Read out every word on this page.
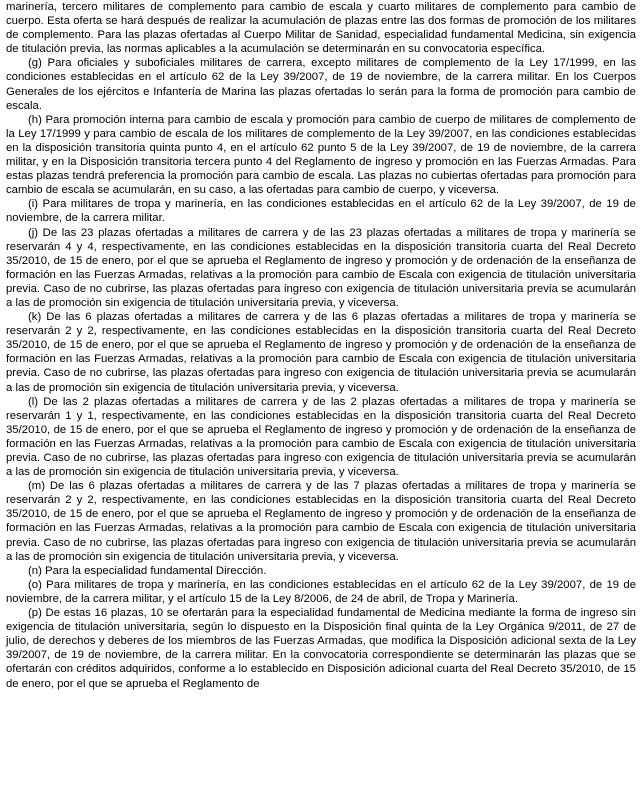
marinería, tercero militares de complemento para cambio de escala y cuarto militares de complemento para cambio de cuerpo. Esta oferta se hará después de realizar la acumulación de plazas entre las dos formas de promoción de los militares de complemento. Para las plazas ofertadas al Cuerpo Militar de Sanidad, especialidad fundamental Medicina, sin exigencia de titulación previa, las normas aplicables a la acumulación se determinarán en su convocatoria específica.

(g) Para oficiales y suboficiales militares de carrera, excepto militares de complemento de la Ley 17/1999, en las condiciones establecidas en el artículo 62 de la Ley 39/2007, de 19 de noviembre, de la carrera militar. En los Cuerpos Generales de los ejércitos e Infantería de Marina las plazas ofertadas lo serán para la forma de promoción para cambio de escala.

(h) Para promoción interna para cambio de escala y promoción para cambio de cuerpo de militares de complemento de la Ley 17/1999 y para cambio de escala de los militares de complemento de la Ley 39/2007, en las condiciones establecidas en la disposición transitoria quinta punto 4, en el artículo 62 punto 5 de la Ley 39/2007, de 19 de noviembre, de la carrera militar, y en la Disposición transitoria tercera punto 4 del Reglamento de ingreso y promoción en las Fuerzas Armadas. Para estas plazas tendrá preferencia la promoción para cambio de escala. Las plazas no cubiertas ofertadas para promoción para cambio de escala se acumularán, en su caso, a las ofertadas para cambio de cuerpo, y viceversa.

(i) Para militares de tropa y marinería, en las condiciones establecidas en el artículo 62 de la Ley 39/2007, de 19 de noviembre, de la carrera militar.

(j) De las 23 plazas ofertadas a militares de carrera y de las 23 plazas ofertadas a militares de tropa y marinería se reservarán 4 y 4, respectivamente, en las condiciones establecidas en la disposición transitoria cuarta del Real Decreto 35/2010, de 15 de enero, por el que se aprueba el Reglamento de ingreso y promoción y de ordenación de la enseñanza de formación en las Fuerzas Armadas, relativas a la promoción para cambio de Escala con exigencia de titulación universitaria previa. Caso de no cubrirse, las plazas ofertadas para ingreso con exigencia de titulación universitaria previa se acumularán a las de promoción sin exigencia de titulación universitaria previa, y viceversa.

(k) De las 6 plazas ofertadas a militares de carrera y de las 6 plazas ofertadas a militares de tropa y marinería se reservarán 2 y 2, respectivamente, en las condiciones establecidas en la disposición transitoria cuarta del Real Decreto 35/2010, de 15 de enero, por el que se aprueba el Reglamento de ingreso y promoción y de ordenación de la enseñanza de formación en las Fuerzas Armadas, relativas a la promoción para cambio de Escala con exigencia de titulación universitaria previa. Caso de no cubrirse, las plazas ofertadas para ingreso con exigencia de titulación universitaria previa se acumularán a las de promoción sin exigencia de titulación universitaria previa, y viceversa.

(l) De las 2 plazas ofertadas a militares de carrera y de las 2 plazas ofertadas a militares de tropa y marinería se reservarán 1 y 1, respectivamente, en las condiciones establecidas en la disposición transitoria cuarta del Real Decreto 35/2010, de 15 de enero, por el que se aprueba el Reglamento de ingreso y promoción y de ordenación de la enseñanza de formación en las Fuerzas Armadas, relativas a la promoción para cambio de Escala con exigencia de titulación universitaria previa. Caso de no cubrirse, las plazas ofertadas para ingreso con exigencia de titulación universitaria previa se acumularán a las de promoción sin exigencia de titulación universitaria previa, y viceversa.

(m) De las 6 plazas ofertadas a militares de carrera y de las 7 plazas ofertadas a militares de tropa y marinería se reservarán 2 y 2, respectivamente, en las condiciones establecidas en la disposición transitoria cuarta del Real Decreto 35/2010, de 15 de enero, por el que se aprueba el Reglamento de ingreso y promoción y de ordenación de la enseñanza de formación en las Fuerzas Armadas, relativas a la promoción para cambio de Escala con exigencia de titulación universitaria previa. Caso de no cubrirse, las plazas ofertadas para ingreso con exigencia de titulación universitaria previa se acumularán a las de promoción sin exigencia de titulación universitaria previa, y viceversa.

(n) Para la especialidad fundamental Dirección.

(o) Para militares de tropa y marinería, en las condiciones establecidas en el artículo 62 de la Ley 39/2007, de 19 de noviembre, de la carrera militar, y el artículo 15 de la Ley 8/2006, de 24 de abril, de Tropa y Marinería.

(p) De estas 16 plazas, 10 se ofertarán para la especialidad fundamental de Medicina mediante la forma de ingreso sin exigencia de titulación universitaria, según lo dispuesto en la Disposición final quinta de la Ley Orgánica 9/2011, de 27 de julio, de derechos y deberes de los miembros de las Fuerzas Armadas, que modifica la Disposición adicional sexta de la Ley 39/2007, de 19 de noviembre, de la carrera militar. En la convocatoria correspondiente se determinarán las plazas que se ofertarán con créditos adquiridos, conforme a lo establecido en Disposición adicional cuarta del Real Decreto 35/2010, de 15 de enero, por el que se aprueba el Reglamento de
